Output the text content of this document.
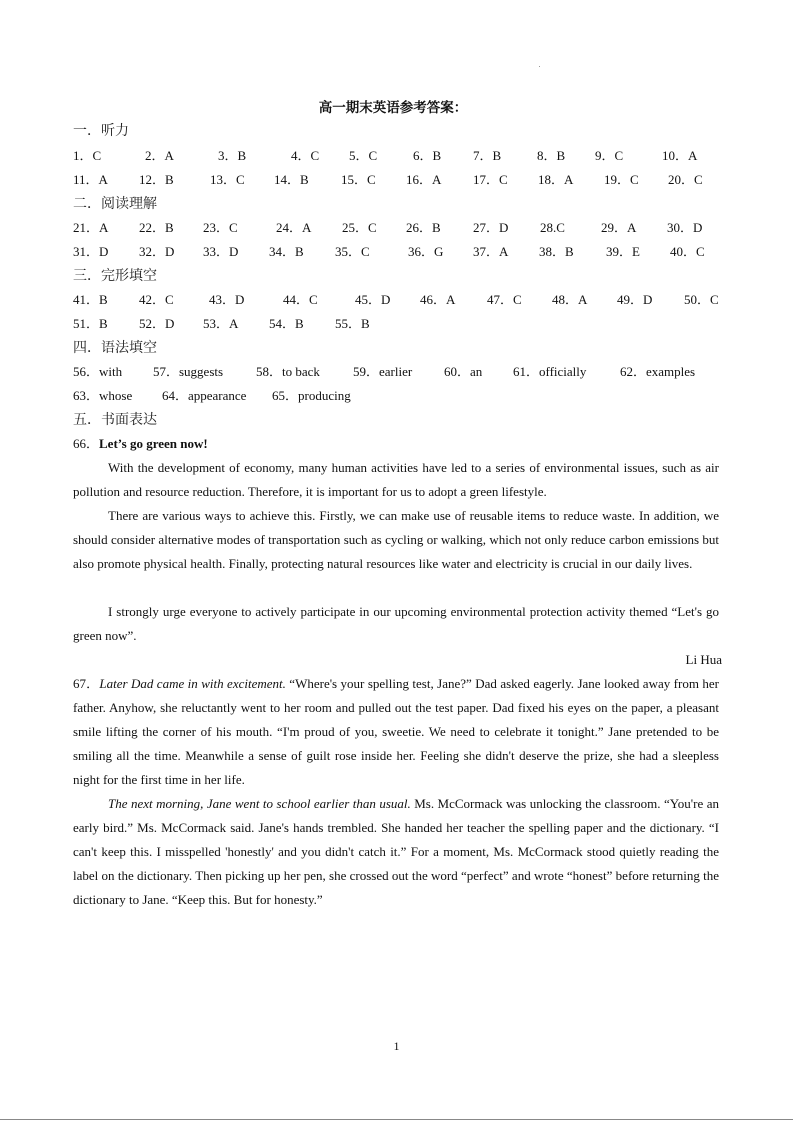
高一期末英语参考答案：
一．听力
二．阅读理解
三．完形填空
四．语法填空
五．书面表达
1．C	2．A	3．B	4．C 5．C	6．B 7．B	8．B 9．C	10．A
11．A 12．B	13．C 14．B 15．C 16．A 17．C 18．A 19．C 20．C
21．A 22．B 23．C	24．A 25．C 26．B 27．D 28.C	29．A 30．D
31．D 32．D 33．D 34．B 35．C	36．G 37．A 38．B 39．E 40．C
41．B 42．C	43．D	44．C	45．D 46．A 47．C 48．A 49．D 50．C
51．B 52．D 53．A 54．B 55．B
56．with 57．suggests	58．to back	59．earlier 60．an 61．officially	62．examples
63．whose 64．appearance 65．producing
66．Let’s go green now!
With the development of economy, many human activities have led to a series of environmental issues, such as air pollution and resource reduction. Therefore, it is important for us to adopt a green lifestyle.
There are various ways to achieve this. Firstly, we can make use of reusable items to reduce waste. In addition, we should consider alternative modes of transportation such as cycling or walking, which not only reduce carbon emissions but also promote physical health. Finally, protecting natural resources like water and electricity is crucial in our daily lives.
I strongly urge everyone to actively participate in our upcoming environmental protection activity themed “Let's go green now”.
Li Hua
67．Later Dad came in with excitement. “Where's your spelling test, Jane?” Dad asked eagerly. Jane looked away from her father. Anyhow, she reluctantly went to her room and pulled out the test paper. Dad fixed his eyes on the paper, a pleasant smile lifting the corner of his mouth. “I'm proud of you, sweetie. We need to celebrate it tonight.” Jane pretended to be smiling all the time. Meanwhile a sense of guilt rose inside her. Feeling she didn't deserve the prize, she had a sleepless night for the first time in her life.
The next morning, Jane went to school earlier than usual. Ms. McCormack was unlocking the classroom. “You're an early bird.” Ms. McCormack said. Jane's hands trembled. She handed her teacher the spelling paper and the dictionary. “I can't keep this. I misspelled 'honestly' and you didn't catch it.” For a moment, Ms. McCormack stood quietly reading the label on the dictionary. Then picking up her pen, she crossed out the word “perfect” and wrote “honest” before returning the dictionary to Jane. “Keep this. But for honesty.”
1
